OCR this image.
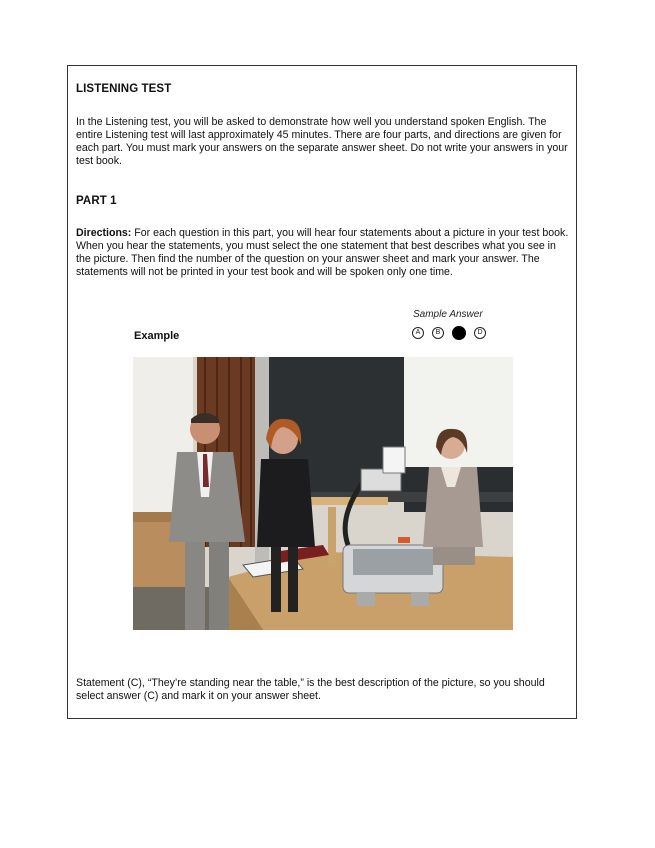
LISTENING TEST
In the Listening test, you will be asked to demonstrate how well you understand spoken English. The entire Listening test will last approximately 45 minutes. There are four parts, and directions are given for each part. You must mark your answers on the separate answer sheet. Do not write your answers in your test book.
PART 1
Directions: For each question in this part, you will hear four statements about a picture in your test book. When you hear the statements, you must select the one statement that best describes what you see in the picture. Then find the number of the question on your answer sheet and mark your answer. The statements will not be printed in your test book and will be spoken only one time.
Sample Answer
A	B	D
Example
Statement (C), “They’re standing near the table,” is the best description of the picture, so you should select answer (C) and mark it on your answer sheet.
